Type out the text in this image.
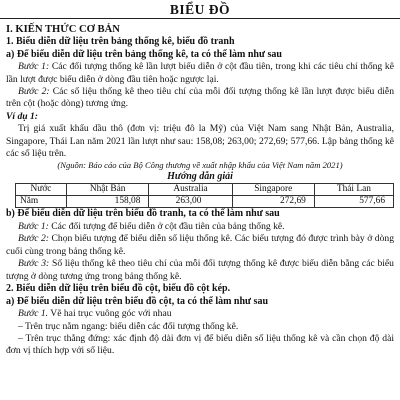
BIỂU ĐỒ
I. KIẾN THỨC CƠ BẢN
1. Biểu diễn dữ liệu trên bảng thống kê, biểu đồ tranh
a) Để biểu diễn dữ liệu trên bảng thống kê, ta có thể làm như sau
Bước 1: Các đối tượng thống kê lần lượt biểu diễn ở cột đầu tiên, trong khi các tiêu chí thống kê lần lượt được biểu diễn ở dòng đầu tiên hoặc ngược lại.
Bước 2: Các số liệu thống kê theo tiêu chí của mỗi đối tượng thống kê lần lượt được biểu diễn trên cột (hoặc dòng) tương ứng.
Ví dụ 1:
Trị giá xuất khẩu dầu thô (đơn vị: triệu đô la Mỹ) của Việt Nam sang Nhật Bản, Australia, Singapore, Thái Lan năm 2021 lần lượt như sau: 158,08; 263,00; 272,69; 577,66. Lập bảng thống kê các số liệu trên.
(Nguồn: Báo cáo của Bộ Công thương về xuất nhập khẩu của Việt Nam năm 2021)
Hướng dẫn giải
Nước	Nhật Bản	Australia	Singapore	Thái Lan
Năm	158,08	263,00	272,69	577,66
b) Để biểu diễn dữ liệu trên biểu đồ tranh, ta có thể làm như sau
Bước 1: Các đối tượng để biểu diễn ở cột đầu tiên của bảng thống kê.
Bước 2: Chọn biểu tượng để biểu diễn số liệu thống kê. Các biểu tượng đó được trình bày ở dòng cuối cùng trong bảng thống kê.
Bước 3: Số liệu thống kê theo tiêu chí của mỗi đối tượng thống kê được biểu diễn bằng các biểu tượng ở dòng tương ứng trong bảng thống kê.
2. Biểu diễn dữ liệu trên biểu đồ cột, biểu đồ cột kép.
a) Để biểu diễn dữ liệu trên biểu đồ cột, ta có thể làm như sau
Bước 1. Vẽ hai trục vuông góc với nhau
– Trên trục nằm ngang: biểu diễn các đối tượng thống kê.
– Trên trục thẳng đứng: xác định độ dài đơn vị để biểu diễn số liệu thống kê và cần chọn độ dài đơn vị thích hợp với số liệu.
